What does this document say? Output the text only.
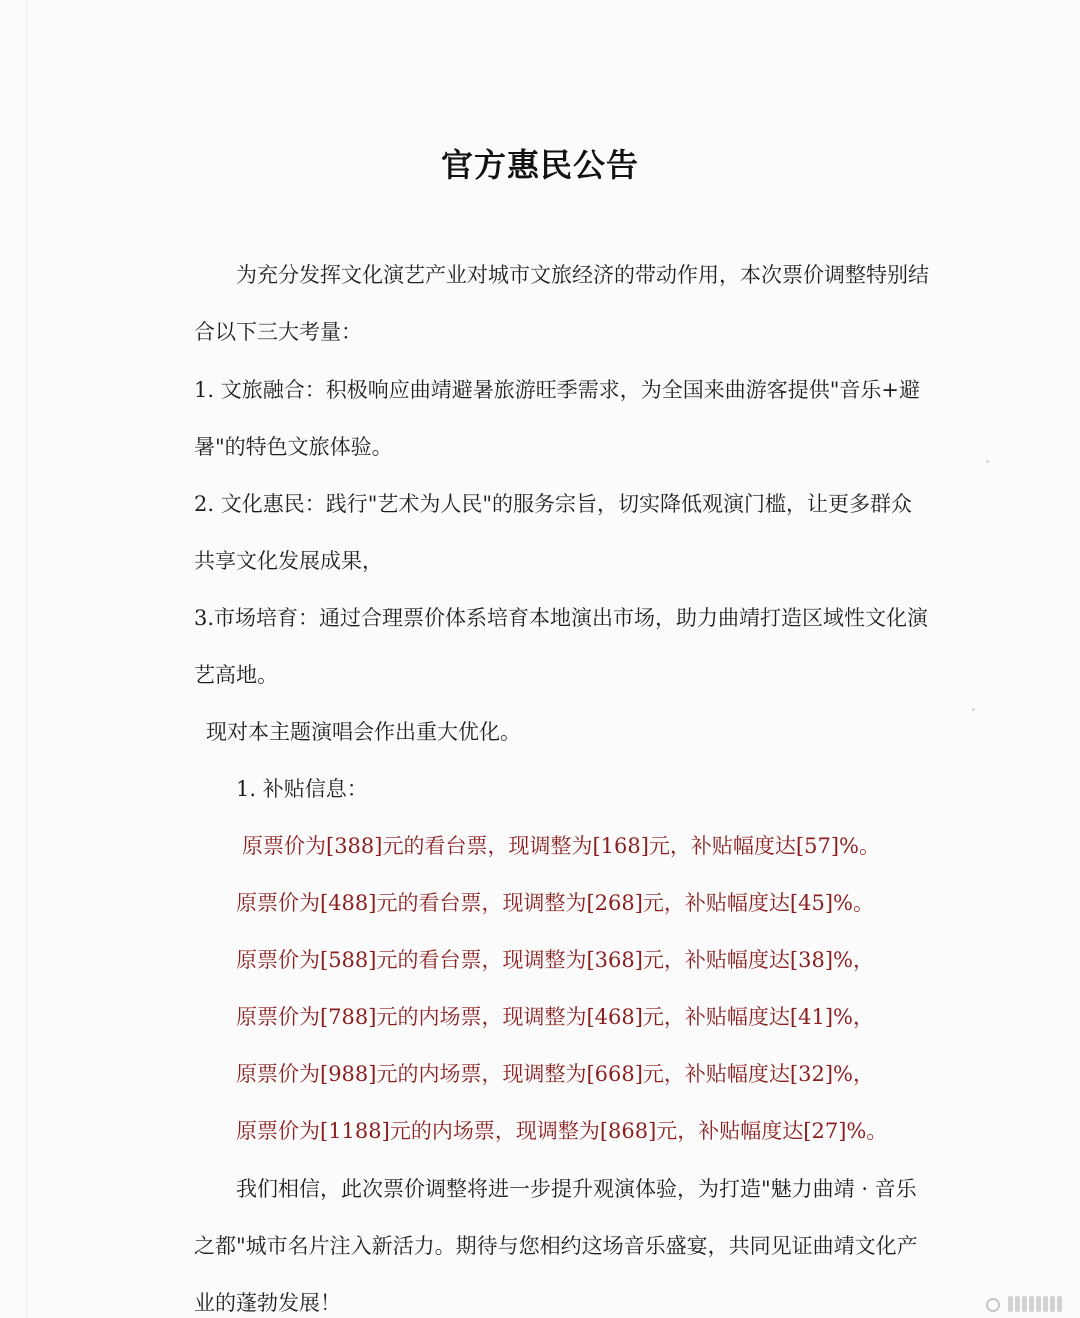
官方惠民公告

为充分发挥文化演艺产业对城市文旅经济的带动作用，本次票价调整特别结

合以下三大考量：

1. 文旅融合：积极响应曲靖避暑旅游旺季需求，为全国来曲游客提供"音乐+避

暑"的特色文旅体验。

2. 文化惠民：践行"艺术为人民"的服务宗旨，切实降低观演门槛，让更多群众

共享文化发展成果，

3.市场培育：通过合理票价体系培育本地演出市场，助力曲靖打造区域性文化演

艺高地。

现对本主题演唱会作出重大优化。

1. 补贴信息：

原票价为[388]元的看台票，现调整为[168]元，补贴幅度达[57]%。

原票价为[488]元的看台票，现调整为[268]元，补贴幅度达[45]%。

原票价为[588]元的看台票，现调整为[368]元，补贴幅度达[38]%，

原票价为[788]元的内场票，现调整为[468]元，补贴幅度达[41]%，

原票价为[988]元的内场票，现调整为[668]元，补贴幅度达[32]%，

原票价为[1188]元的内场票，现调整为[868]元，补贴幅度达[27]%。

我们相信，此次票价调整将进一步提升观演体验，为打造"魅力曲靖 · 音乐

之都"城市名片注入新活力。期待与您相约这场音乐盛宴，共同见证曲靖文化产

业的蓬勃发展！
